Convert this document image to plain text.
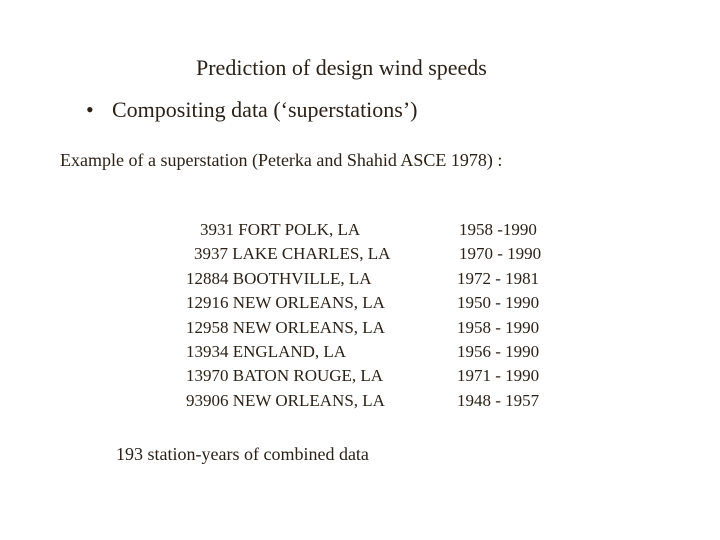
Prediction of design wind speeds
• Compositing data (‘superstations’)
Example of a superstation (Peterka and Shahid ASCE 1978) :
3931 FORT POLK, LA
3937 LAKE CHARLES, LA
12884 BOOTHVILLE, LA
12916 NEW ORLEANS, LA
12958 NEW ORLEANS, LA
13934 ENGLAND, LA
13970 BATON ROUGE, LA
93906 NEW ORLEANS, LA
1958 -1990
1970 - 1990
1972 - 1981
1950 - 1990
1958 - 1990
1956 - 1990
1971 - 1990
1948 - 1957
193 station-years of combined data
